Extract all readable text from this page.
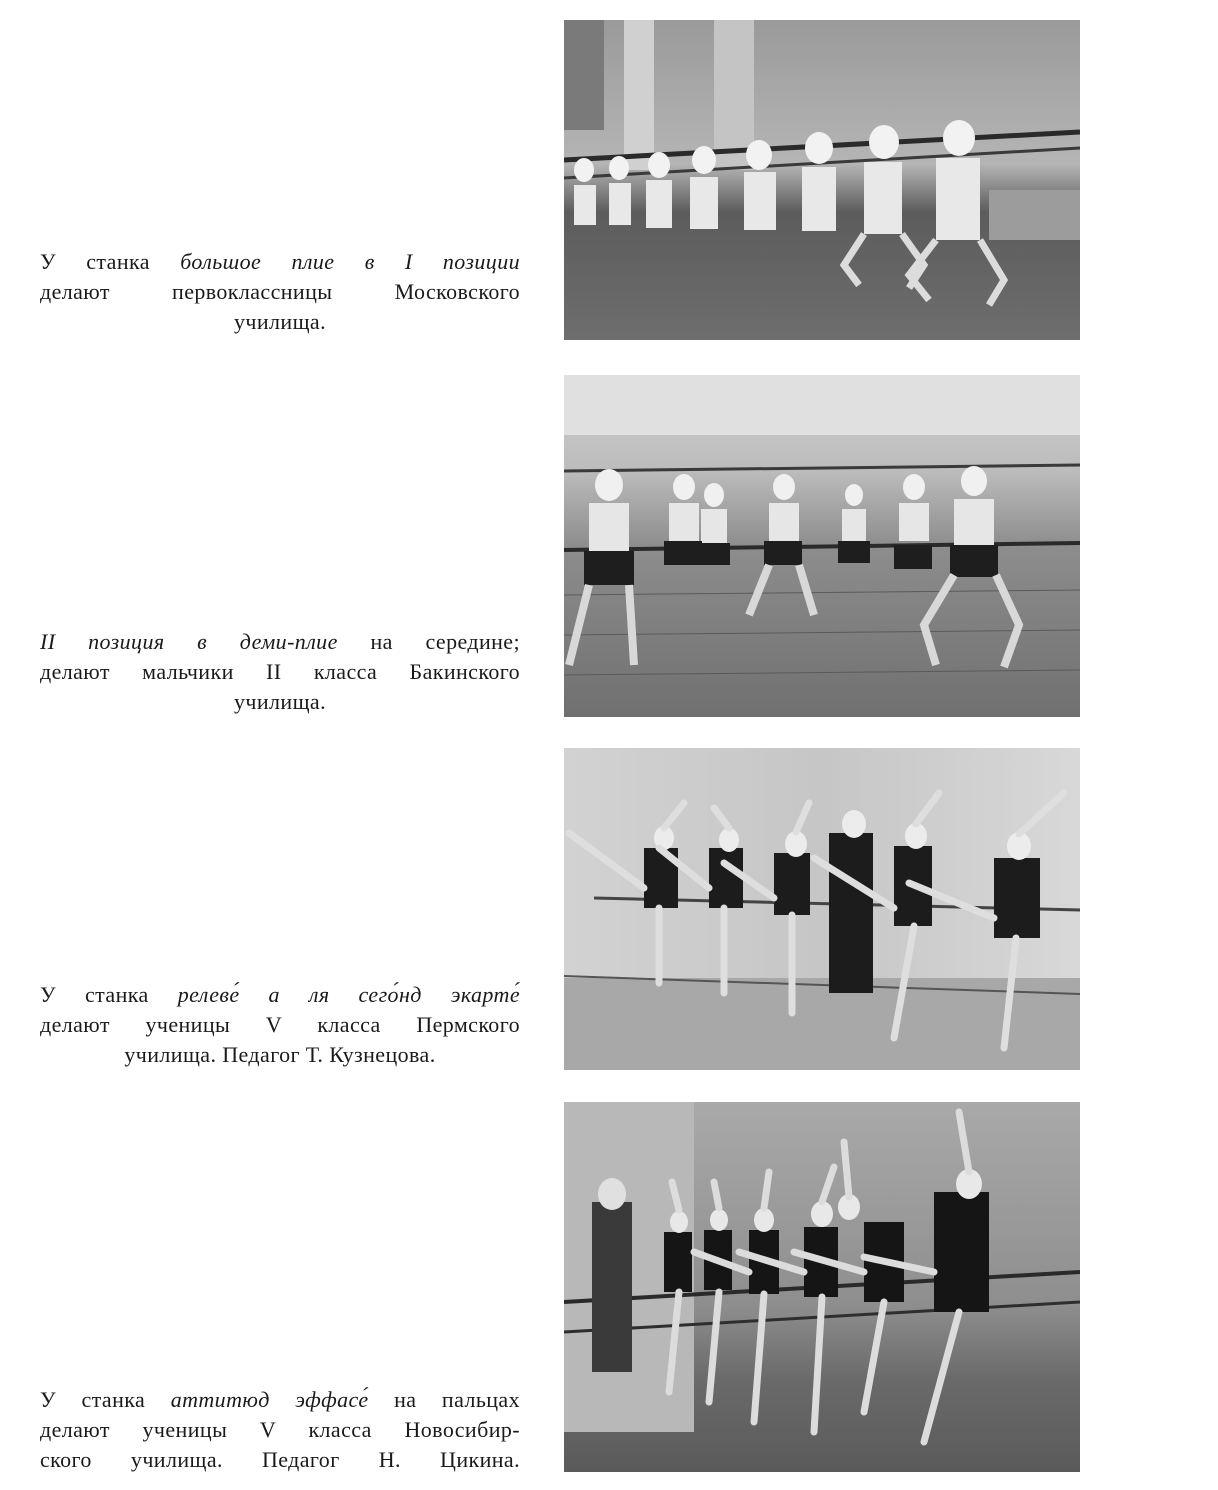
У станка большое плие в I позиции
делают первоклассницы Московского
училища.
II позиция в деми-плие на середине;
делают мальчики II класса Бакинского
училища.
У станка релеве́ а ля сего́нд экарте́
делают ученицы V класса Пермского
училища. Педагог Т. Кузнецова.
У станка аттитюд эффасе́ на пальцах
делают ученицы V класса Новосибир-
ского училища. Педагог Н. Цикина.
